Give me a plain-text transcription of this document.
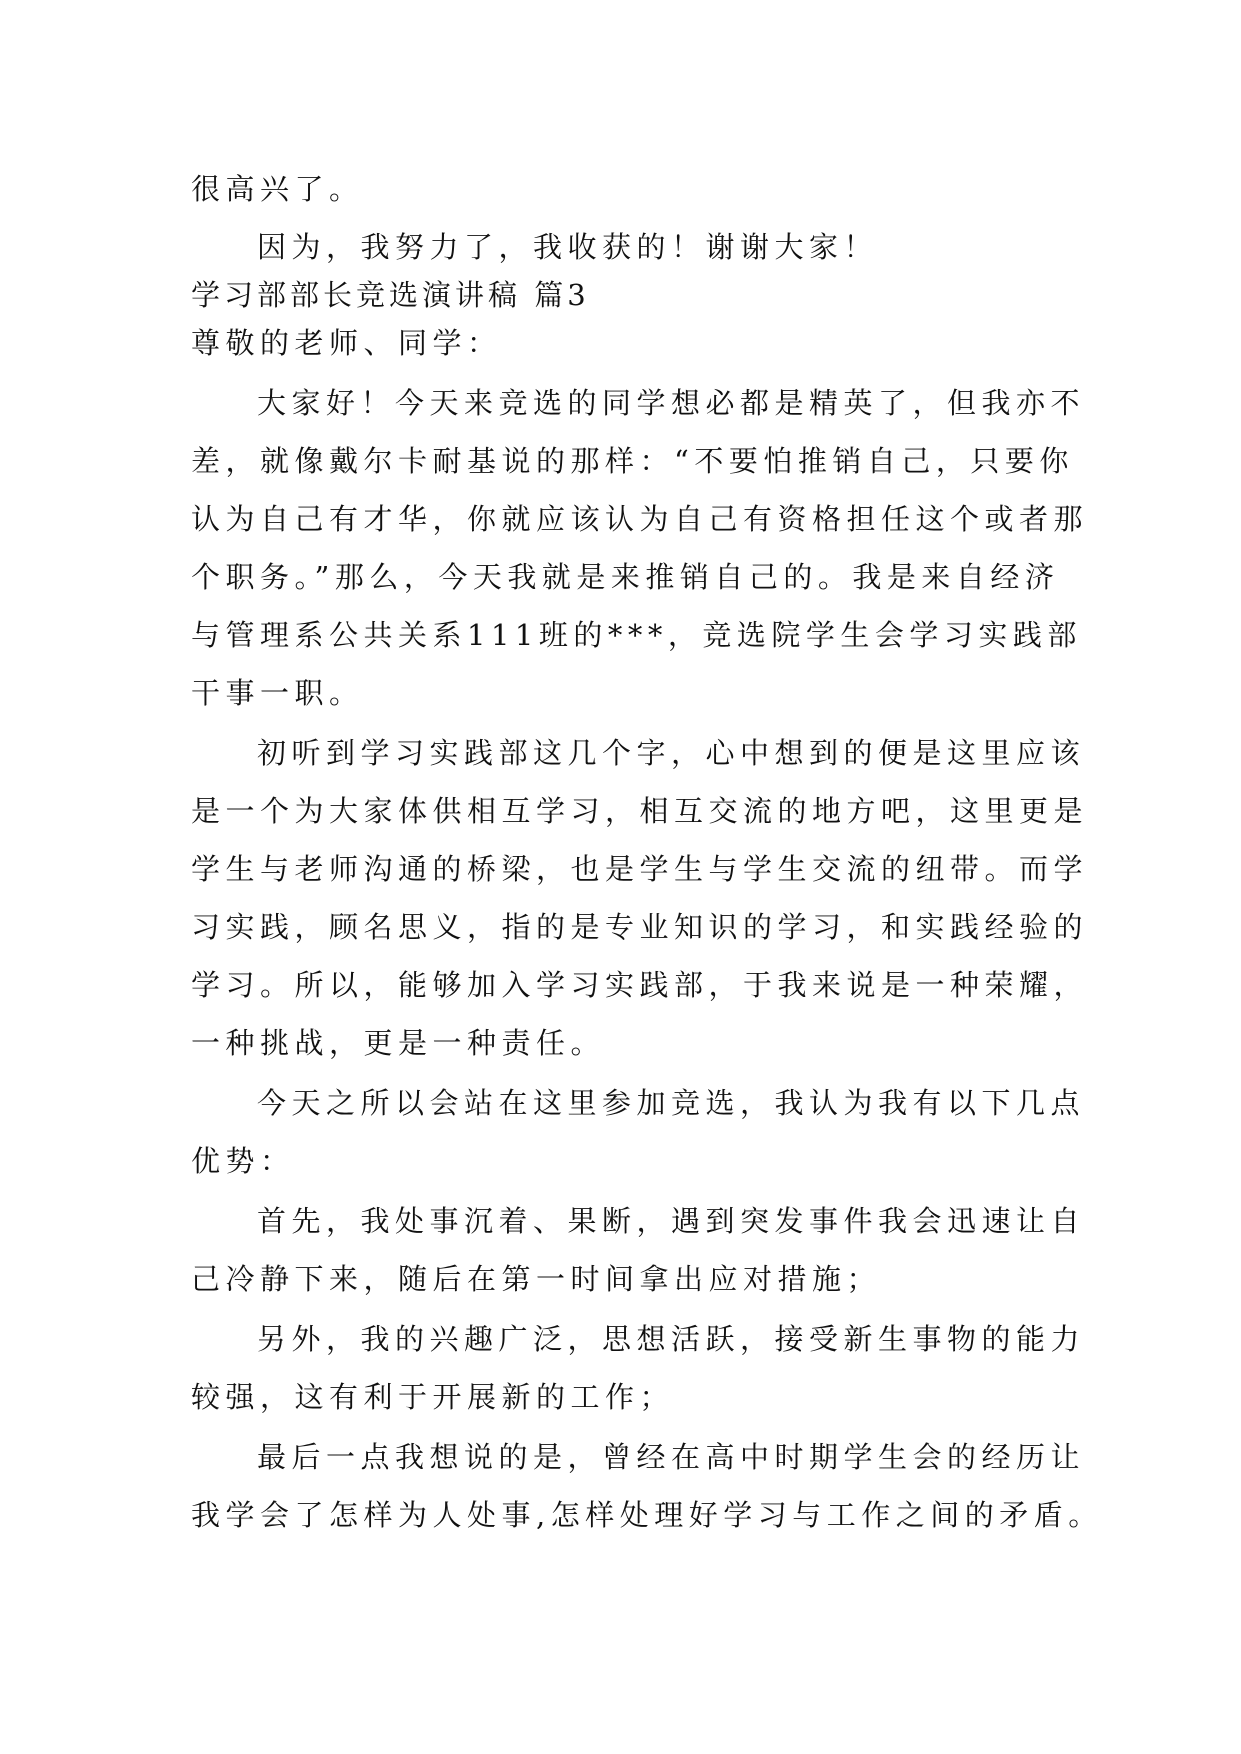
很高兴了。
因为，我努力了，我收获的！谢谢大家！
学习部部长竞选演讲稿 篇3
尊敬的老师、同学：
大家好！今天来竞选的同学想必都是精英了，但我亦不
差，就像戴尔卡耐基说的那样：“不要怕推销自己，只要你
认为自己有才华，你就应该认为自己有资格担任这个或者那
个职务。”那么，今天我就是来推销自己的。我是来自经济
与管理系公共关系111班的***，竞选院学生会学习实践部
干事一职。
初听到学习实践部这几个字，心中想到的便是这里应该
是一个为大家体供相互学习，相互交流的地方吧，这里更是
学生与老师沟通的桥梁，也是学生与学生交流的纽带。而学
习实践，顾名思义，指的是专业知识的学习，和实践经验的
学习。所以，能够加入学习实践部，于我来说是一种荣耀，
一种挑战，更是一种责任。
今天之所以会站在这里参加竞选，我认为我有以下几点
优势：
首先，我处事沉着、果断，遇到突发事件我会迅速让自
己冷静下来，随后在第一时间拿出应对措施；
另外，我的兴趣广泛，思想活跃，接受新生事物的能力
较强，这有利于开展新的工作；
最后一点我想说的是，曾经在高中时期学生会的经历让
我学会了怎样为人处事,怎样处理好学习与工作之间的矛盾。
